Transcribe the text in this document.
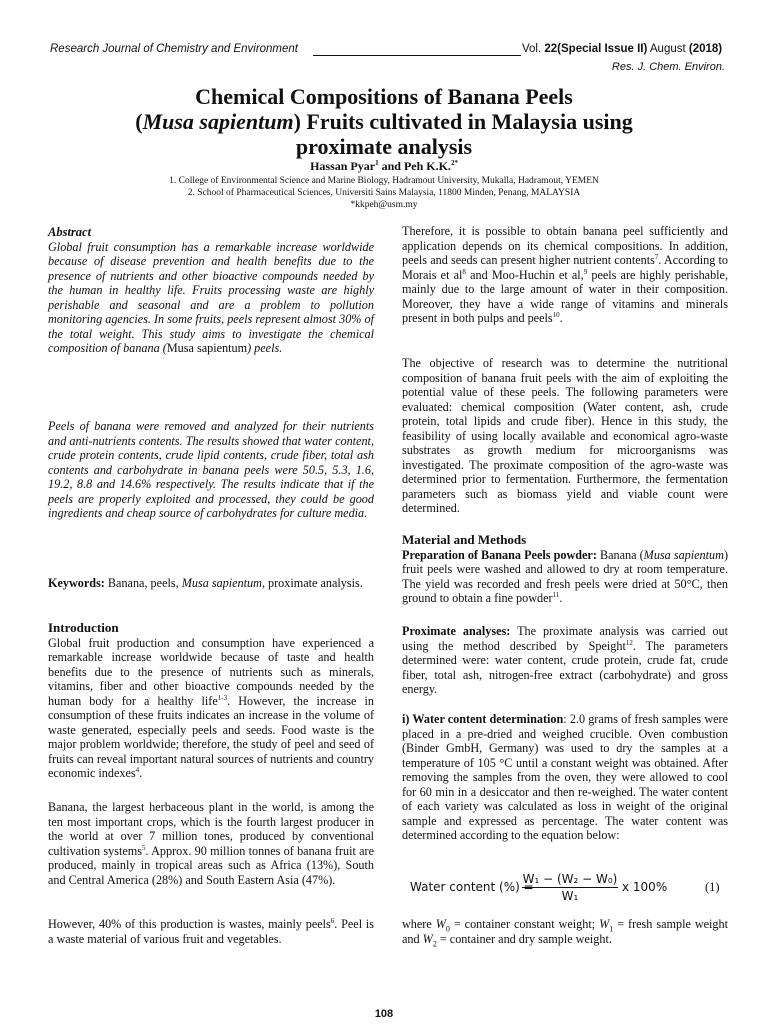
Research Journal of Chemistry and Environment	Vol. 22(Special Issue II) August (2018)
Res. J. Chem. Environ.
Chemical Compositions of Banana Peels
(Musa sapientum) Fruits cultivated in Malaysia using
proximate analysis
Hassan Pyar$^1$ and Peh K.K.$^{2*}$
1. College of Environmental Science and Marine Biology, Hadramout University, Mukalla, Hadramout, YEMEN
2. School of Pharmaceutical Sciences, Universiti Sains Malaysia, 11800 Minden, Penang, MALAYSIA
*kkpeh@usm.my

Abstract

Global fruit consumption has a remarkable increase worldwide because of disease prevention and health benefits due to the presence of nutrients and other bioactive compounds needed by the human in healthy life. Fruits processing waste are highly perishable and seasonal and are a problem to pollution monitoring agencies. In some fruits, peels represent almost 30% of the total weight. This study aims to investigate the chemical composition of banana (Musa sapientum) peels.

Peels of banana were removed and analyzed for their nutrients and anti-nutrients contents. The results showed that water content, crude protein contents, crude lipid contents, crude fiber, total ash contents and carbohydrate in banana peels were 50.5, 5.3, 1.6, 19.2, 8.8 and 14.6% respectively. The results indicate that if the peels are properly exploited and processed, they could be good ingredients and cheap source of carbohydrates for culture media.

Keywords: Banana, peels, Musa sapientum, proximate analysis.

Introduction

Global fruit production and consumption have experienced a remarkable increase worldwide because of taste and health benefits due to the presence of nutrients such as minerals, vitamins, fiber and other bioactive compounds needed by the human body for a healthy life$^{1-3}$. However, the increase in consumption of these fruits indicates an increase in the volume of waste generated, especially peels and seeds. Food waste is the major problem worldwide; therefore, the study of peel and seed of fruits can reveal important natural sources of nutrients and country economic indexes$^4$.

Banana, the largest herbaceous plant in the world, is among the ten most important crops, which is the fourth largest producer in the world at over 7 million tones, produced by conventional cultivation systems$^5$. Approx. 90 million tonnes of banana fruit are produced, mainly in tropical areas such as Africa (13%), South and Central America (28%) and South Eastern Asia (47%).

However, 40% of this production is wastes, mainly peels$^6$. Peel is a waste material of various fruit and vegetables.

Therefore, it is possible to obtain banana peel sufficiently and application depends on its chemical compositions. In addition, peels and seeds can present higher nutrient contents$^7$. According to Morais et $al^8$ and Moo-Huchin et al,$^9$ peels are highly perishable, mainly due to the large amount of water in their composition. Moreover, they have a wide range of vitamins and minerals present in both pulps and peels$^{10}$.

The objective of research was to determine the nutritional composition of banana fruit peels with the aim of exploiting the potential value of these peels. The following parameters were evaluated: chemical composition (Water content, ash, crude protein, total lipids and crude fiber). Hence in this study, the feasibility of using locally available and economical agro-waste substrates as growth medium for microorganisms was investigated. The proximate composition of the agro-waste was determined prior to fermentation. Furthermore, the fermentation parameters such as biomass yield and viable count were determined.

Material and Methods

Preparation of Banana Peels powder: Banana (Musa sapientum) fruit peels were washed and allowed to dry at room temperature. The yield was recorded and fresh peels were dried at 50°C, then ground to obtain a fine powder$^{11}$.

Proximate analyses: The proximate analysis was carried out using the method described by Speight$^{12}$. The parameters determined were: water content, crude protein, crude fat, crude fiber, total ash, nitrogen-free extract (carbohydrate) and gross energy.

i) Water content determination: 2.0 grams of fresh samples were placed in a pre-dried and weighed crucible. Oven combustion (Binder GmbH, Germany) was used to dry the samples at a temperature of 105 °C until a constant weight was obtained. After removing the samples from the oven, they were allowed to cool for 60 min in a desiccator and then re-weighed. The water content of each variety was calculated as loss in weight of the original sample and expressed as percentage. The water content was determined according to the equation below:

Water content (%) =
$\frac{\text{W₁ − (W₂ − W₀)}}{\text{W₁}}$ x 100%	(1)

where $W_0$ = container constant weight; $W_1$ = fresh sample weight and $W_2$ = container and dry sample weight.

108
